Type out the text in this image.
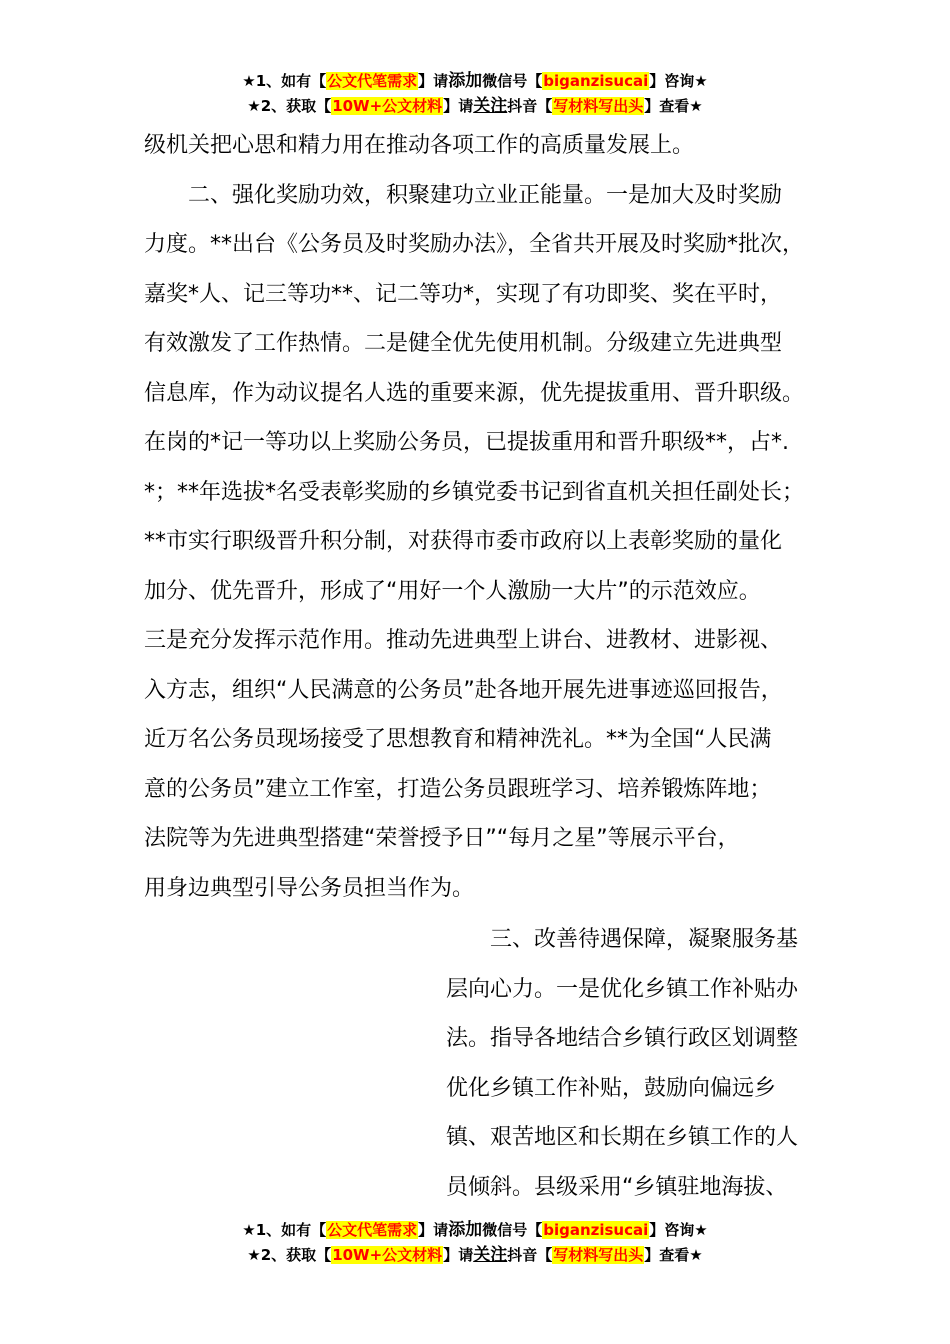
★1、如有【公文代笔需求】请添加微信号【biganzisucai】咨询★
★2、获取【10W+公文材料】请关注抖音【写材料写出头】查看★
级机关把心思和精力用在推动各项工作的高质量发展上。
　　二、强化奖励功效，积聚建功立业正能量。一是加大及时奖励
力度。**出台《公务员及时奖励办法》，全省共开展及时奖励*批次，
嘉奖*人、记三等功**、记二等功*，实现了有功即奖、奖在平时，
有效激发了工作热情。二是健全优先使用机制。分级建立先进典型
信息库，作为动议提名人选的重要来源，优先提拔重用、晋升职级。
在岗的*记一等功以上奖励公务员，已提拔重用和晋升职级**，占*.
*；**年选拔*名受表彰奖励的乡镇党委书记到省直机关担任副处长；
**市实行职级晋升积分制，对获得市委市政府以上表彰奖励的量化
加分、优先晋升，形成了“用好一个人激励一大片”的示范效应。
三是充分发挥示范作用。推动先进典型上讲台、进教材、进影视、
入方志，组织“人民满意的公务员”赴各地开展先进事迹巡回报告，
近万名公务员现场接受了思想教育和精神洗礼。**为全国“人民满
意的公务员”建立工作室，打造公务员跟班学习、培养锻炼阵地；
法院等为先进典型搭建“荣誉授予日”“每月之星”等展示平台，
用身边典型引导公务员担当作为。
　　三、改善待遇保障，凝聚服务基
层向心力。一是优化乡镇工作补贴办
法。指导各地结合乡镇行政区划调整
优化乡镇工作补贴，鼓励向偏远乡
镇、艰苦地区和长期在乡镇工作的人
员倾斜。县级采用“乡镇驻地海拔、
★1、如有【公文代笔需求】请添加微信号【biganzisucai】咨询★
★2、获取【10W+公文材料】请关注抖音【写材料写出头】查看★
